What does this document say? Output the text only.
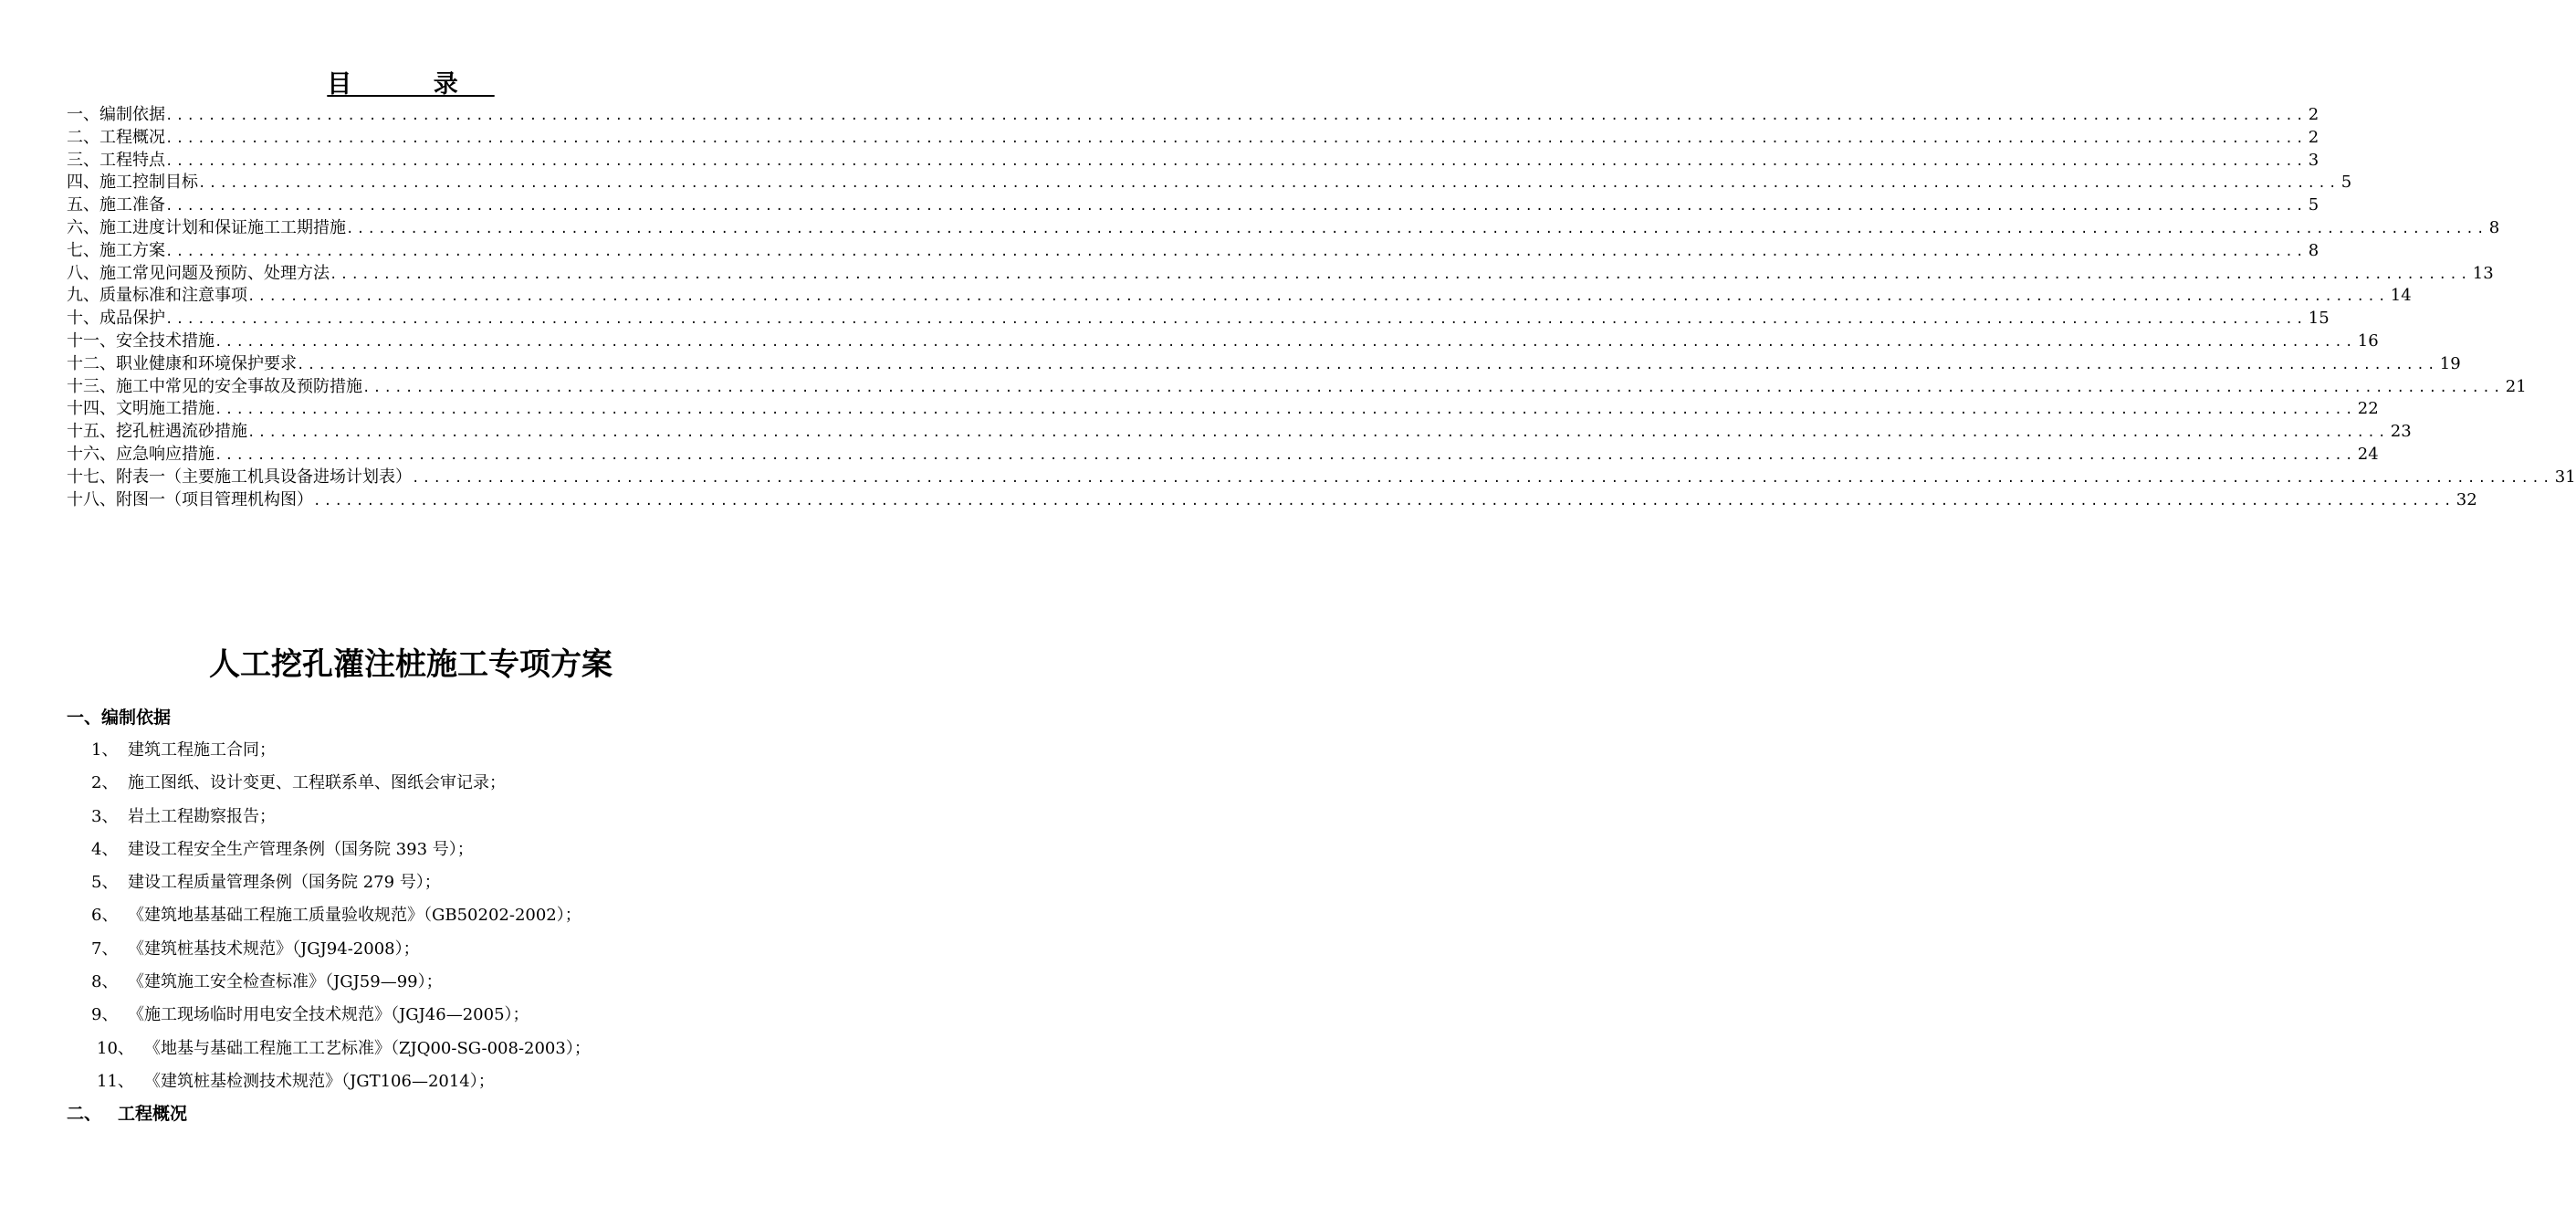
目 录
一、编制依据 ........................................................................................................................................................................................................ 2
二、工程概况 ........................................................................................................................................................................................................ 2
三、工程特点 ........................................................................................................................................................................................................ 3
四、施工控制目标 ........................................................................................................................................................................................................ 5
五、施工准备 ........................................................................................................................................................................................................ 5
六、施工进度计划和保证施工工期措施 ........................................................................................................................................................................................................ 8
七、施工方案 ........................................................................................................................................................................................................ 8
八、施工常见问题及预防、处理方法 ........................................................................................................................................................................................................ 13
九、质量标准和注意事项 ........................................................................................................................................................................................................ 14
十、成品保护 ........................................................................................................................................................................................................ 15
十一、安全技术措施 ........................................................................................................................................................................................................ 16
十二、职业健康和环境保护要求 ........................................................................................................................................................................................................ 19
十三、施工中常见的安全事故及预防措施 ........................................................................................................................................................................................................ 21
十四、文明施工措施 ........................................................................................................................................................................................................ 22
十五、挖孔桩遇流砂措施 ........................................................................................................................................................................................................ 23
十六、应急响应措施 ........................................................................................................................................................................................................ 24
十七、附表一（主要施工机具设备进场计划表） ........................................................................................................................................................................................................ 31
十八、附图一（项目管理机构图） ........................................................................................................................................................................................................ 32
人工挖孔灌注桩施工专项方案
一、编制依据
1、 建筑工程施工合同；
2、 施工图纸、设计变更、工程联系单、图纸会审记录；
3、 岩土工程勘察报告；
4、 建设工程安全生产管理条例（国务院 393 号）；
5、 建设工程质量管理条例（国务院 279 号）；
6、 《建筑地基基础工程施工质量验收规范》（GB50202-2002）；
7、 《建筑桩基技术规范》（JGJ94-2008）；
8、 《建筑施工安全检查标准》（JGJ59—99）；
9、 《施工现场临时用电安全技术规范》（JGJ46—2005）；
10、 《地基与基础工程施工工艺标准》（ZJQ00-SG-008-2003）；
11、 《建筑桩基检测技术规范》（JGT106—2014）；
二、 工程概况
